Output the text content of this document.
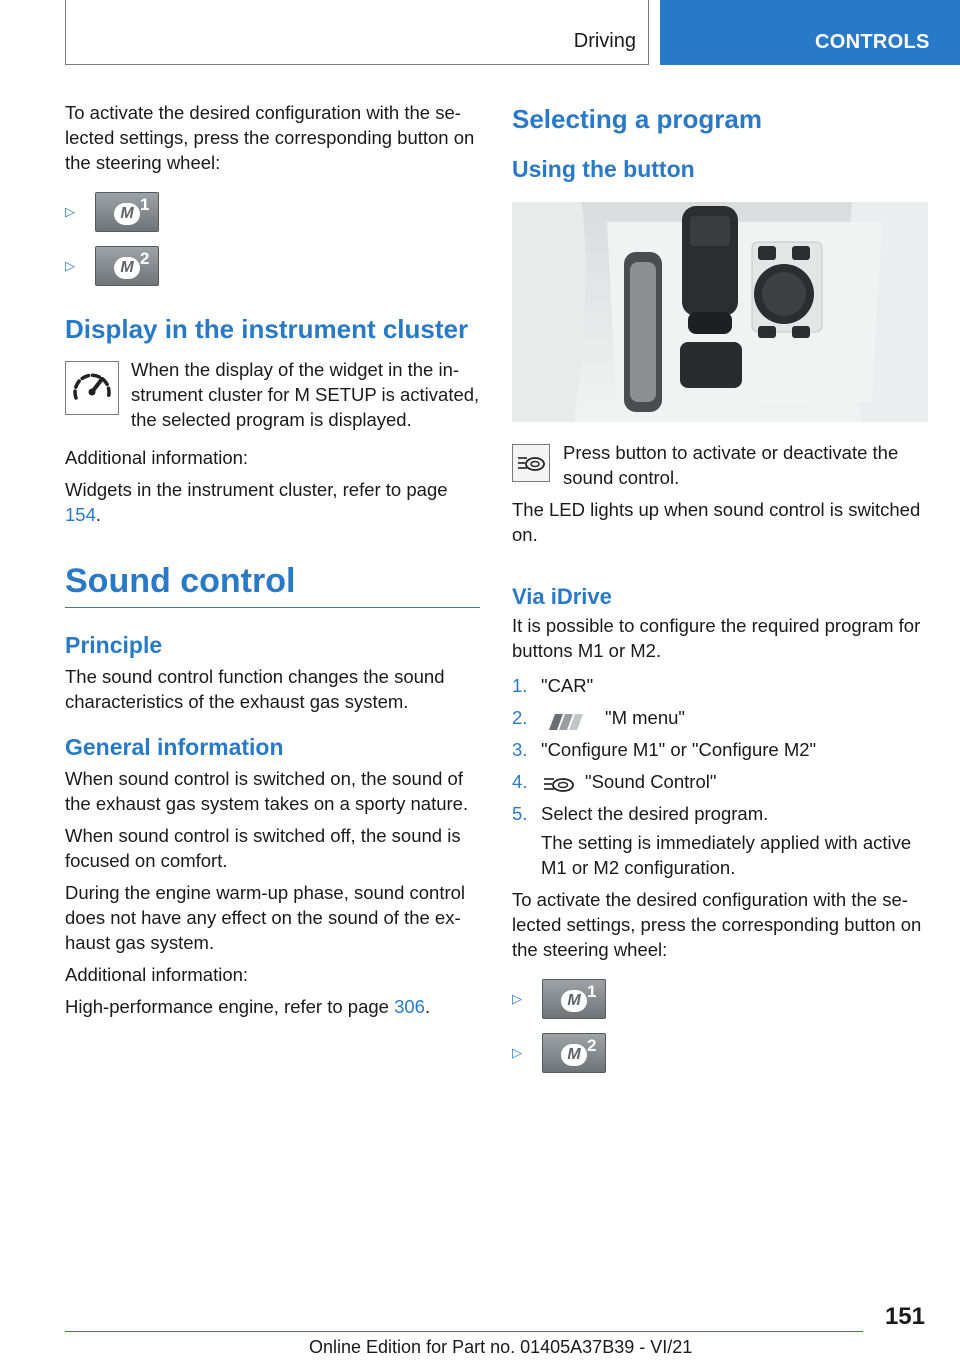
Driving	CONTROLS

To activate the desired configuration with the selected settings, press the corresponding button on the steering wheel:

▷	M 1
▷	M 2
Display in the instrument cluster

When the display of the widget in the instrument cluster for M SETUP is activated, the selected program is displayed.

Additional information:

Widgets in the instrument cluster, refer to page 154.

Sound control
Principle

The sound control function changes the sound characteristics of the exhaust gas system.

General information

When sound control is switched on, the sound of the exhaust gas system takes on a sporty nature.

When sound control is switched off, the sound is focused on comfort.

During the engine warm-up phase, sound control does not have any effect on the sound of the exhaust gas system.

Additional information:

High-performance engine, refer to page 306.

Selecting a program
Using the button

Press button to activate or deactivate the sound control.

The LED lights up when sound control is switched on.

Via iDrive

It is possible to configure the required program for buttons M1 or M2.

1. "CAR"
2.	"M menu"
3. "Configure M1" or "Configure M2"
4.	"Sound Control"
5. Select the desired program.

The setting is immediately applied with active M1 or M2 configuration.

To activate the desired configuration with the selected settings, press the corresponding button on the steering wheel:

▷	M 1
▷	M 2
151
Online Edition for Part no. 01405A37B39 - VI/21
